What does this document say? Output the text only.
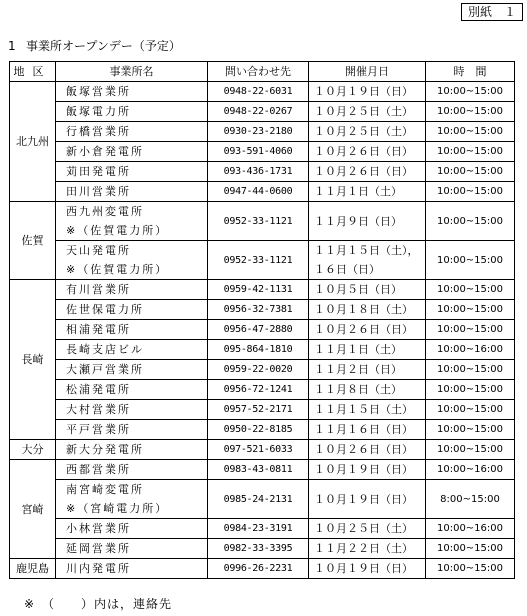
別紙　１
1 事業所オープンデー（予定）
地区	事業所名	問い合わせ先	開催月日	時　間
北九州	飯塚営業所	0948-22-6031	１０月１９日（日）	10:00~15:00

	飯塚電力所	0948-22-0267	１０月２５日（土）	10:00~15:00

	行橋営業所	0930-23-2180	１０月２５日（土）	10:00~15:00

	新小倉発電所	093-591-4060	１０月２６日（日）	10:00~15:00

	苅田発電所	093-436-1731	１０月２６日（日）	10:00~15:00

	田川営業所	0947-44-0600	１１月１日（土）	10:00~15:00
佐賀	西九州変電所
※（佐賀電力所）	0952-33-1121	１１月９日（日）	10:00~15:00

	天山発電所
※（佐賀電力所）	0952-33-1121	１１月１５日（土），
１６日（日）	10:00~15:00
長崎	有川営業所	0959-42-1131	１０月５日（日）	10:00~15:00

	佐世保電力所	0956-32-7381	１０月１８日（土）	10:00~15:00

	相浦発電所	0956-47-2880	１０月２６日（日）	10:00~15:00

	長崎支店ビル	095-864-1810	１１月１日（土）	10:00~16:00

	大瀬戸営業所	0959-22-0020	１１月２日（日）	10:00~15:00

	松浦発電所	0956-72-1241	１１月８日（土）	10:00~15:00

	大村営業所	0957-52-2171	１１月１５日（土）	10:00~15:00

	平戸営業所	0950-22-8185	１１月１６日（日）	10:00~15:00
大分	新大分発電所	097-521-6033	１０月２６日（日）	10:00~15:00
宮崎	西都営業所	0983-43-0811	１０月１９日（日）	10:00~16:00

	南宮崎変電所
※（宮崎電力所）	0985-24-2131	１０月１９日（日）	8:00~15:00

	小林営業所	0984-23-3191	１０月２５日（土）	10:00~16:00

	延岡営業所	0982-33-3395	１１月２２日（土）	10:00~15:00
鹿児島	川内発電所	0996-26-2231	１０月１９日（日）	10:00~15:00
※　（　　）内は，連絡先
